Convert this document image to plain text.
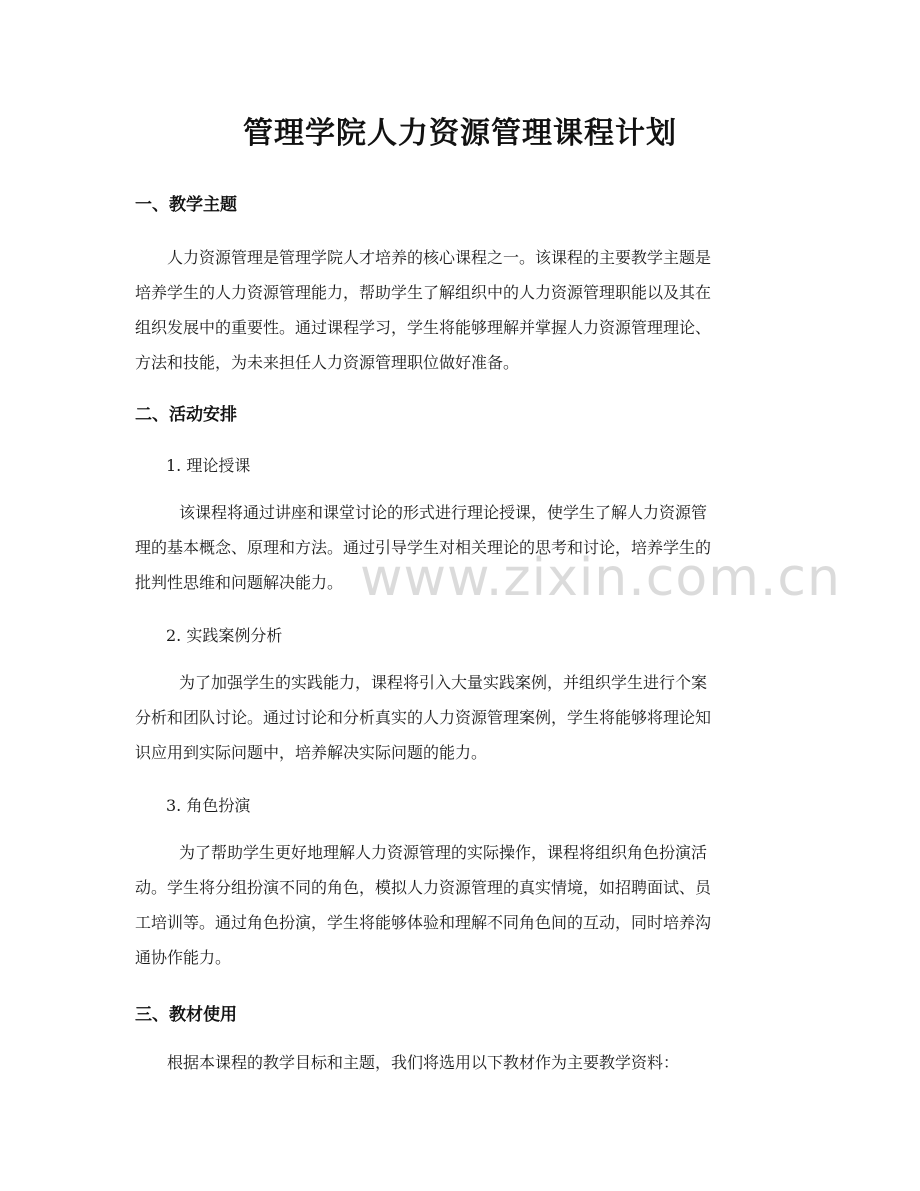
管理学院人力资源管理课程计划
一、教学主题
人力资源管理是管理学院人才培养的核心课程之一。该课程的主要教学主题是
培养学生的人力资源管理能力，帮助学生了解组织中的人力资源管理职能以及其在
组织发展中的重要性。通过课程学习，学生将能够理解并掌握人力资源管理理论、
方法和技能，为未来担任人力资源管理职位做好准备。
二、活动安排
1. 理论授课
该课程将通过讲座和课堂讨论的形式进行理论授课，使学生了解人力资源管
理的基本概念、原理和方法。通过引导学生对相关理论的思考和讨论，培养学生的
批判性思维和问题解决能力。
2. 实践案例分析
为了加强学生的实践能力，课程将引入大量实践案例，并组织学生进行个案
分析和团队讨论。通过讨论和分析真实的人力资源管理案例，学生将能够将理论知
识应用到实际问题中，培养解决实际问题的能力。
3. 角色扮演
为了帮助学生更好地理解人力资源管理的实际操作，课程将组织角色扮演活
动。学生将分组扮演不同的角色，模拟人力资源管理的真实情境，如招聘面试、员
工培训等。通过角色扮演，学生将能够体验和理解不同角色间的互动，同时培养沟
通协作能力。
三、教材使用
根据本课程的教学目标和主题，我们将选用以下教材作为主要教学资料：
www.zixin.com.cn
